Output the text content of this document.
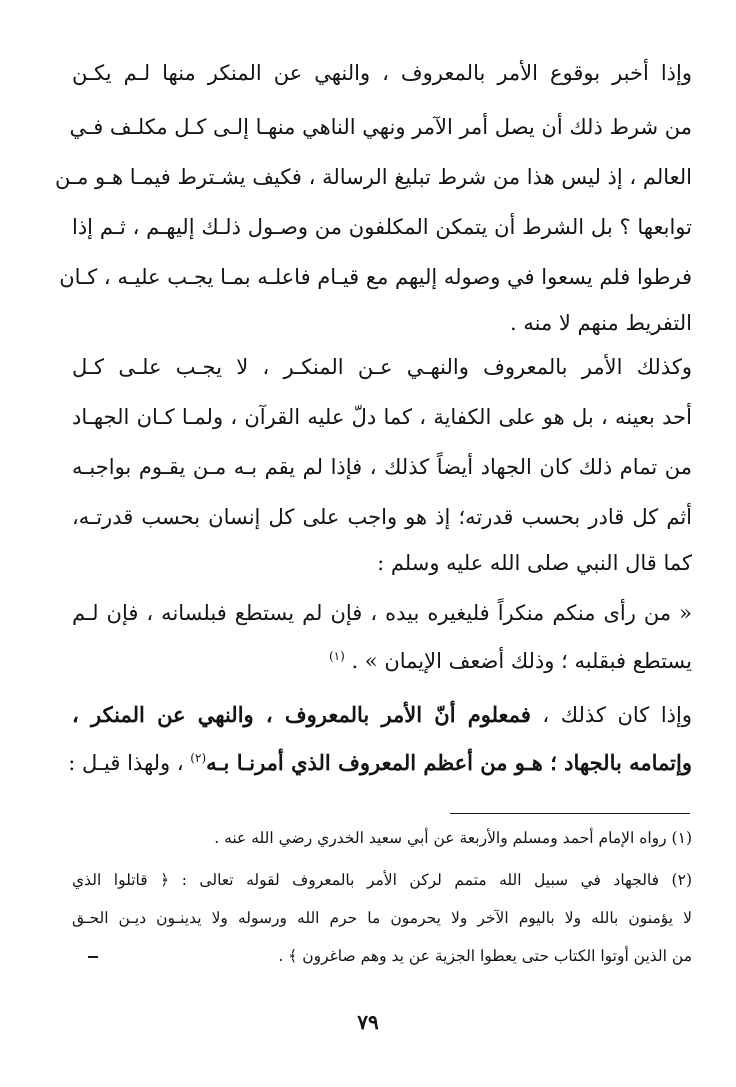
وإذا أخبر بوقوع الأمر بالمعروف ، والنهي عن المنكر منها لـم يكـن
من شرط ذلك أن يصل أمر الآمر ونهي الناهي منهـا إلـى كـل مكلـف فـي
العالم ، إذ ليس هذا من شرط تبليغ الرسالة ، فكيف يشـترط فيمـا هـو مـن
توابعها ؟ بل الشرط أن يتمكن المكلفون من وصـول ذلـك إليهـم ، ثـم إذا
فرطوا فلم يسعوا في وصوله إليهم مع قيـام فاعلـه بمـا يجـب عليـه ، كـان
التفريط منهم لا منه .
وكذلك الأمر بالمعروف والنهـي عـن المنكـر ، لا يجـب علـى كـل
أحد بعينه ، بل هو على الكفاية ، كما دلّ عليه القرآن ، ولمـا كـان الجهـاد
من تمام ذلك كان الجهاد أيضاً كذلك ، فإذا لم يقم بـه مـن يقـوم بواجبـه
أثم كل قادر بحسب قدرته؛ إذ هو واجب على كل إنسان بحسب قدرتـه،
كما قال النبي صلى الله عليه وسلم :
« من رأى منكم منكراً فليغيره بيده ، فإن لم يستطع فبلسانه ، فإن لـم
يستطع فبقلبه ؛ وذلك أضعف الإيمان » . $^{(١)}$
وإذا كان كذلك ، فمعلوم أنّ الأمر بالمعروف ، والنهي عن المنكر ،
وإتمامه بالجهاد ؛ هـو من أعظم المعروف الذي أمرنـا بـه$^{(٢)}$ ، ولهذا قيـل :
(١) رواه الإمام أحمد ومسلم والأربعة عن أبي سعيد الخدري رضي الله عنه .
(٢) فالجهاد في سبيل الله متمم لركن الأمر بالمعروف لقوله تعالى : ﴿ قاتلوا الذي
لا يؤمنون بالله ولا باليوم الآخر ولا يحرمون ما حرم الله ورسوله ولا يدينـون ديـن الحـق
من الذين أوتوا الكتاب حتى يعطوا الجزية عن يد وهم صاغرون ﴾ .
٧٩
